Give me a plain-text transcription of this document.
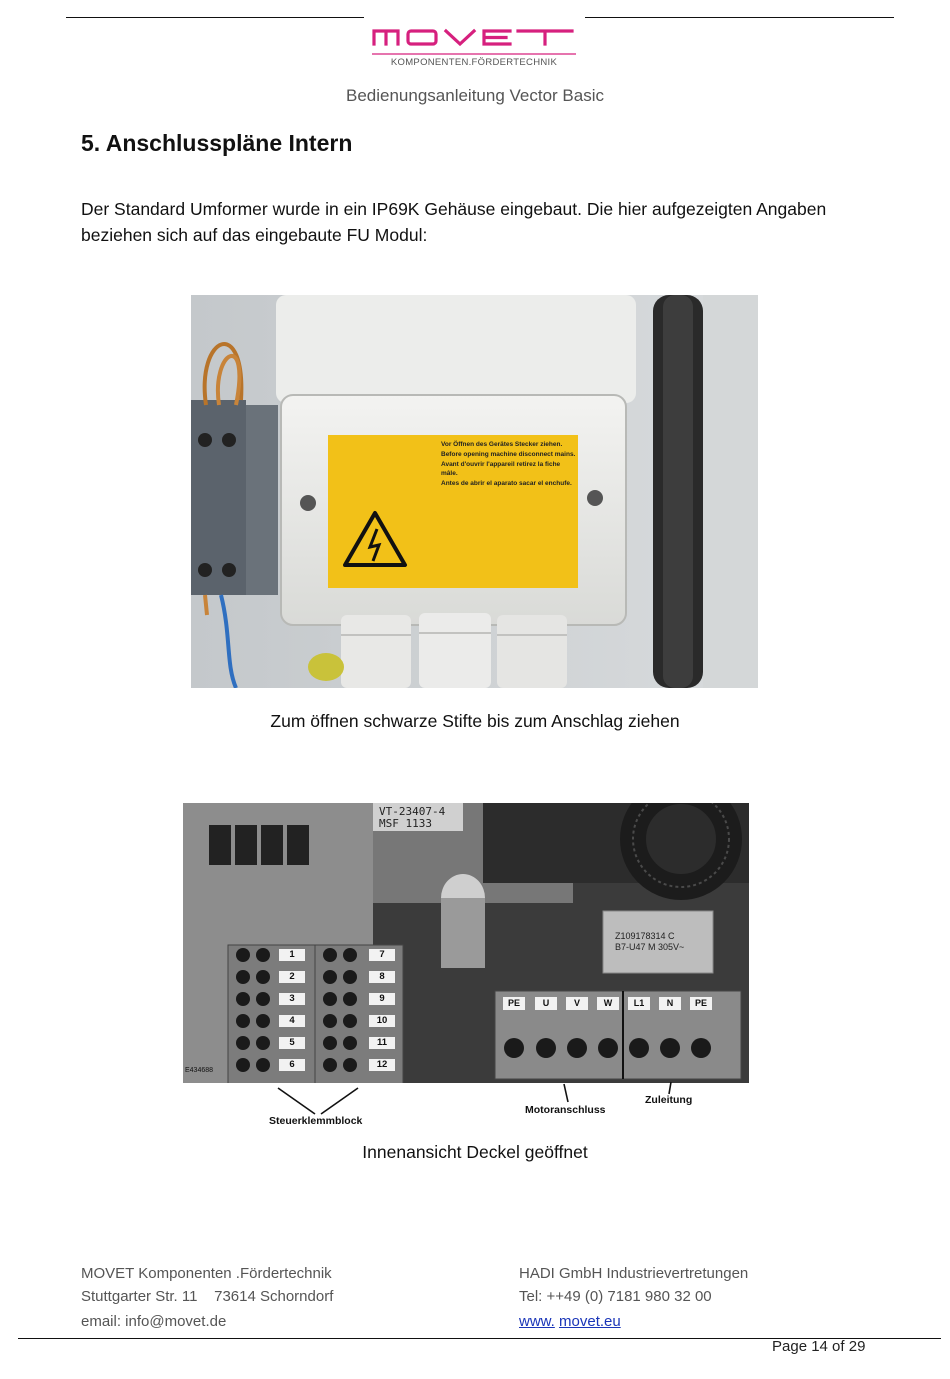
KOMPONENTEN.FÖRDERTECHNIK
Bedienungsanleitung Vector Basic
5. Anschlusspläne Intern
Der Standard Umformer wurde in ein IP69K Gehäuse eingebaut. Die hier aufgezeigten Angaben beziehen sich auf das eingebaute FU Modul:
Vor Öffnen des Gerätes Stecker ziehen.
Before opening machine disconnect mains.
Avant d'ouvrir l'appareil retirez la fiche mâle.
Antes de abrir el aparato sacar el enchufe.
Zum öffnen schwarze Stifte bis zum Anschlag ziehen
VT-23407-4
MSF 1133
Z109178314 C
B7-U47 M 305V~
E434688
1
2
3
4
5
6
7
8
9
10
11
12
PE	U	V	W	L1	N	PE
Steuerklemmblock
Motoranschluss
Zuleitung
Innenansicht Deckel geöffnet
MOVET Komponenten .Fördertechnik
Stuttgarter Str. 11    73614 Schorndorf
email: info@movet.de
HADI GmbH Industrievertretungen
Tel: ++49 (0) 7181 980 32 00
www. movet.eu
Page 14 of 29
